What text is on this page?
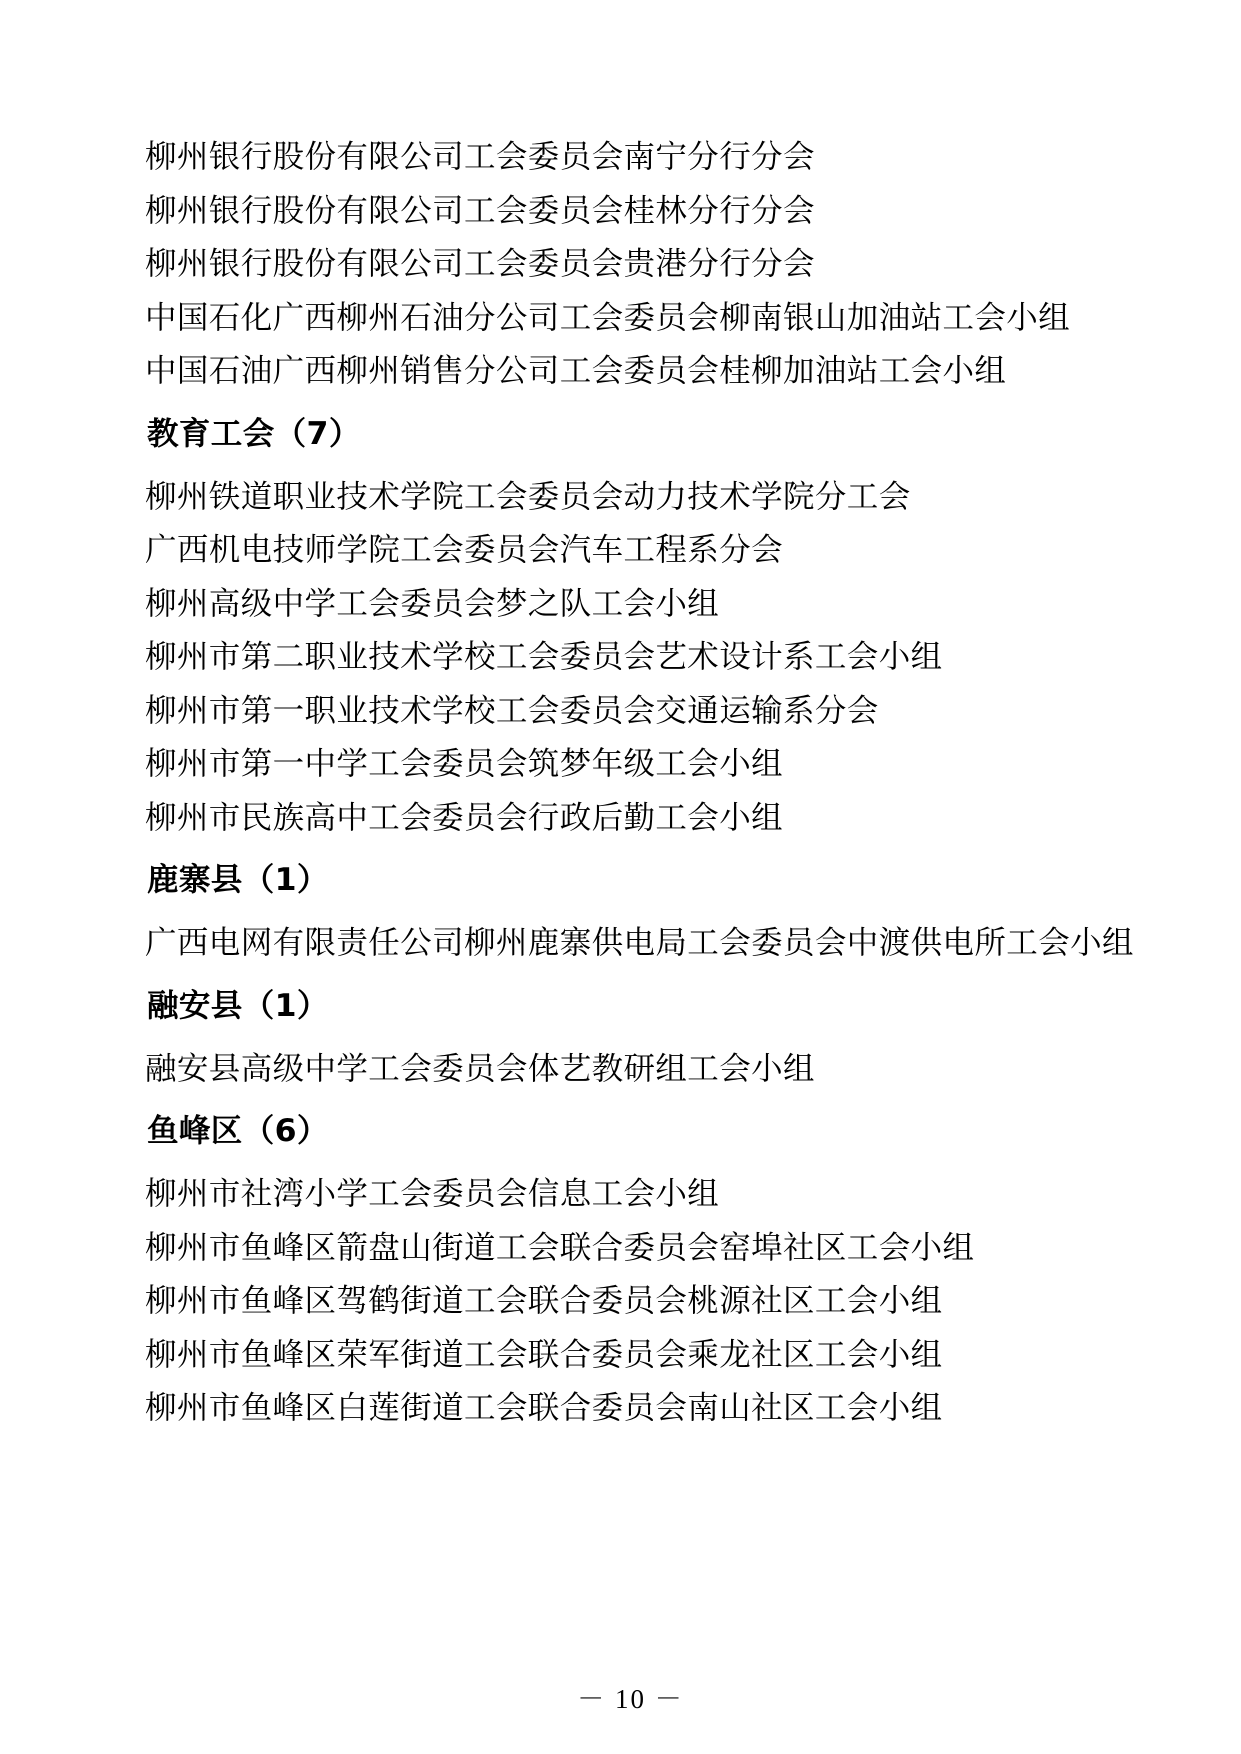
柳州银行股份有限公司工会委员会南宁分行分会
柳州银行股份有限公司工会委员会桂林分行分会
柳州银行股份有限公司工会委员会贵港分行分会
中国石化广西柳州石油分公司工会委员会柳南银山加油站工会小组
中国石油广西柳州销售分公司工会委员会桂柳加油站工会小组
教育工会（7）
柳州铁道职业技术学院工会委员会动力技术学院分工会
广西机电技师学院工会委员会汽车工程系分会
柳州高级中学工会委员会梦之队工会小组
柳州市第二职业技术学校工会委员会艺术设计系工会小组
柳州市第一职业技术学校工会委员会交通运输系分会
柳州市第一中学工会委员会筑梦年级工会小组
柳州市民族高中工会委员会行政后勤工会小组
鹿寨县（1）
广西电网有限责任公司柳州鹿寨供电局工会委员会中渡供电所工会小组
融安县（1）
融安县高级中学工会委员会体艺教研组工会小组
鱼峰区（6）
柳州市社湾小学工会委员会信息工会小组
柳州市鱼峰区箭盘山街道工会联合委员会窑埠社区工会小组
柳州市鱼峰区驾鹤街道工会联合委员会桃源社区工会小组
柳州市鱼峰区荣军街道工会联合委员会乘龙社区工会小组
柳州市鱼峰区白莲街道工会联合委员会南山社区工会小组
－ 10 －
